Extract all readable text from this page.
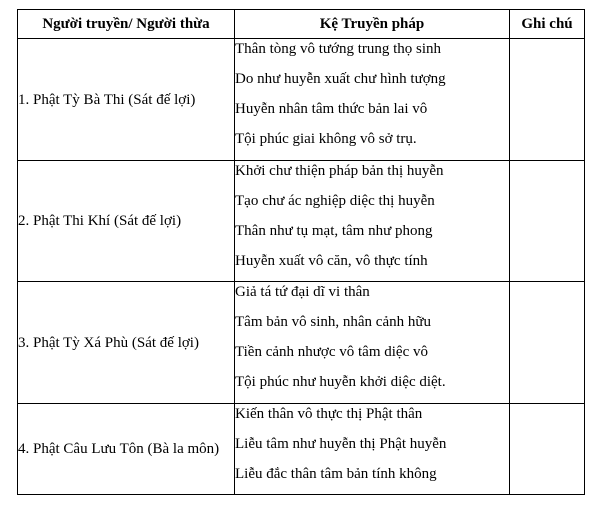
Người truyền/ Người thừa	Kệ Truyền pháp	Ghi chú
1. Phật Tỳ Bà Thi (Sát đế lợi)	Thân tòng vô tướng trung thọ sinh
Do như huyễn xuất chư hình tượng
Huyễn nhân tâm thức bản lai vô
Tội phúc giai không vô sở trụ.	

2. Phật Thi Khí (Sát đế lợi)	Khởi chư thiện pháp bản thị huyễn
Tạo chư ác nghiệp diệc thị huyễn
Thân như tụ mạt, tâm như phong
Huyễn xuất vô căn, vô thực tính	

3. Phật Tỳ Xá Phù (Sát đế lợi)	Giả tá tứ đại dĩ vi thân
Tâm bản vô sinh, nhân cảnh hữu
Tiền cảnh nhược vô tâm diệc vô
Tội phúc như huyễn khởi diệc diệt.	

4. Phật Câu Lưu Tôn (Bà la môn)	Kiến thân vô thực thị Phật thân
Liễu tâm như huyễn thị Phật huyễn
Liễu đắc thân tâm bản tính không	
